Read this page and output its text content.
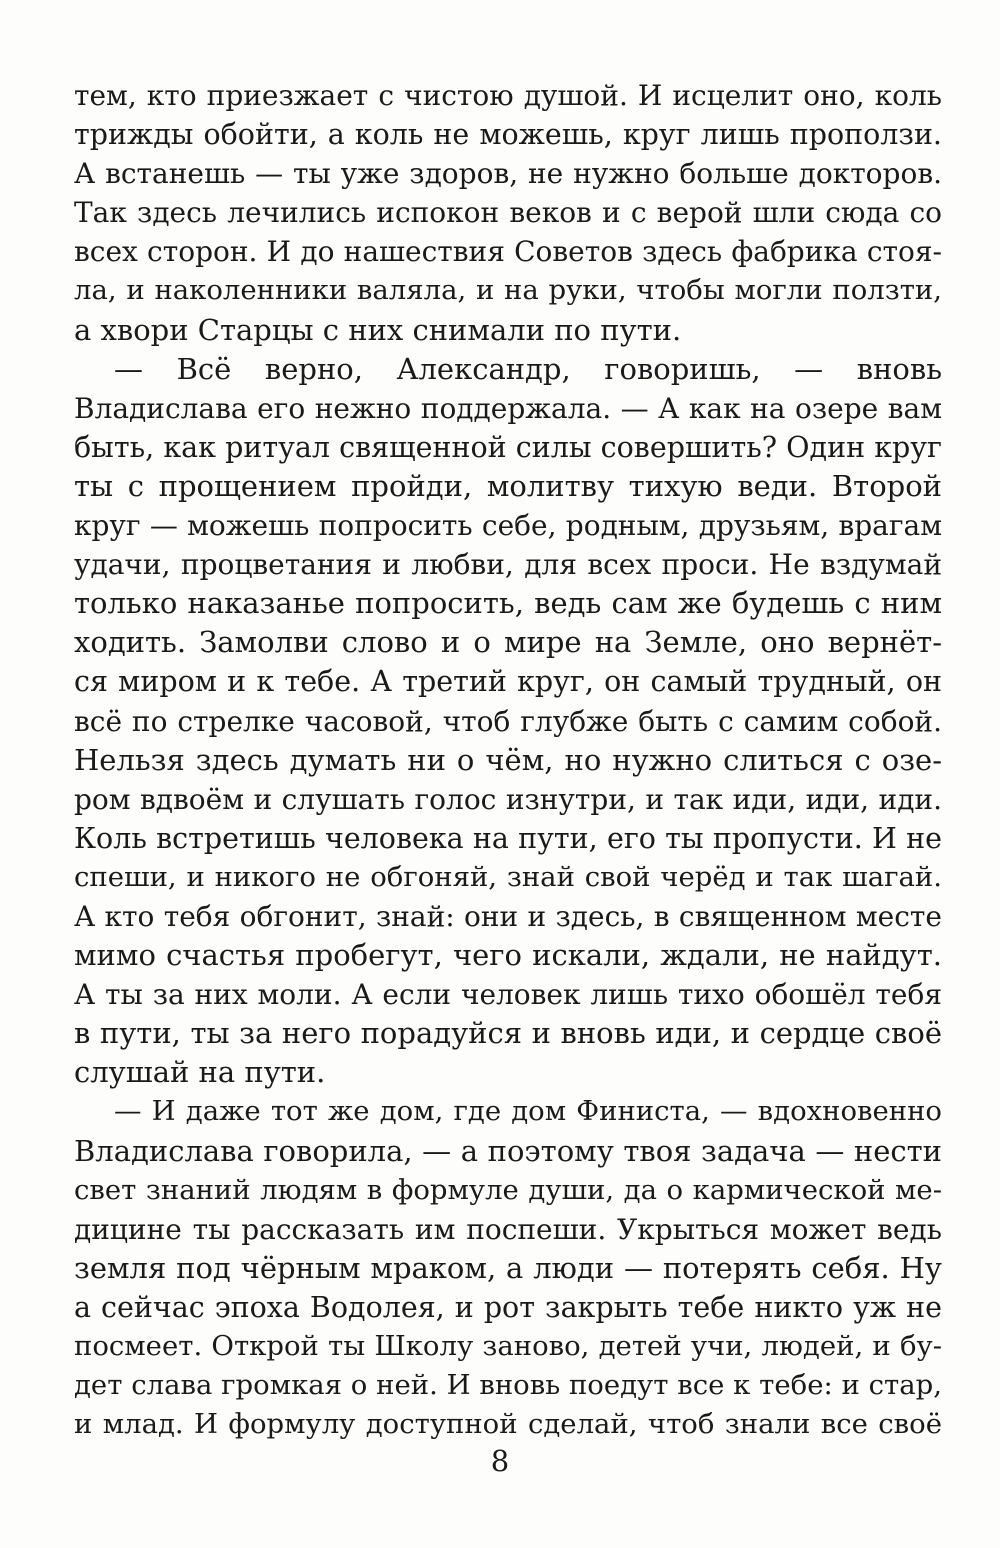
тем, кто приезжает с чистою душой. И исцелит оно, коль
трижды обойти, а коль не можешь, круг лишь проползи.
А встанешь — ты уже здоров, не нужно больше докторов.
Так здесь лечились испокон веков и с верой шли сюда со
всех сторон. И до нашествия Советов здесь фабрика стоя-
ла, и наколенники валяла, и на руки, чтобы могли ползти,
а хвори Старцы с них снимали по пути.
— Всё верно, Александр, говоришь, — вновь
Владислава его нежно поддержала. — А как на озере вам
быть, как ритуал священной силы совершить? Один круг
ты с прощением пройди, молитву тихую веди. Второй
круг — можешь попросить себе, родным, друзьям, врагам
удачи, процветания и любви, для всех проси. Не вздумай
только наказанье попросить, ведь сам же будешь с ним
ходить. Замолви слово и о мире на Земле, оно вернёт-
ся миром и к тебе. А третий круг, он самый трудный, он
всё по стрелке часовой, чтоб глубже быть с самим собой.
Нельзя здесь думать ни о чём, но нужно слиться с озе-
ром вдвоём и слушать голос изнутри, и так иди, иди, иди.
Коль встретишь человека на пути, его ты пропусти. И не
спеши, и никого не обгоняй, знай свой черёд и так шагай.
А кто тебя обгонит, знай: они и здесь, в священном месте
мимо счастья пробегут, чего искали, ждали, не найдут.
А ты за них моли. А если человек лишь тихо обошёл тебя
в пути, ты за него порадуйся и вновь иди, и сердце своё
слушай на пути.
— И даже тот же дом, где дом Финиста, — вдохновенно
Владислава говорила, — а поэтому твоя задача — нести
свет знаний людям в формуле души, да о кармической ме-
дицине ты рассказать им поспеши. Укрыться может ведь
земля под чёрным мраком, а люди — потерять себя. Ну
а сейчас эпоха Водолея, и рот закрыть тебе никто уж не
посмеет. Открой ты Школу заново, детей учи, людей, и бу-
дет слава громкая о ней. И вновь поедут все к тебе: и стар,
и млад. И формулу доступной сделай, чтоб знали все своё
8
